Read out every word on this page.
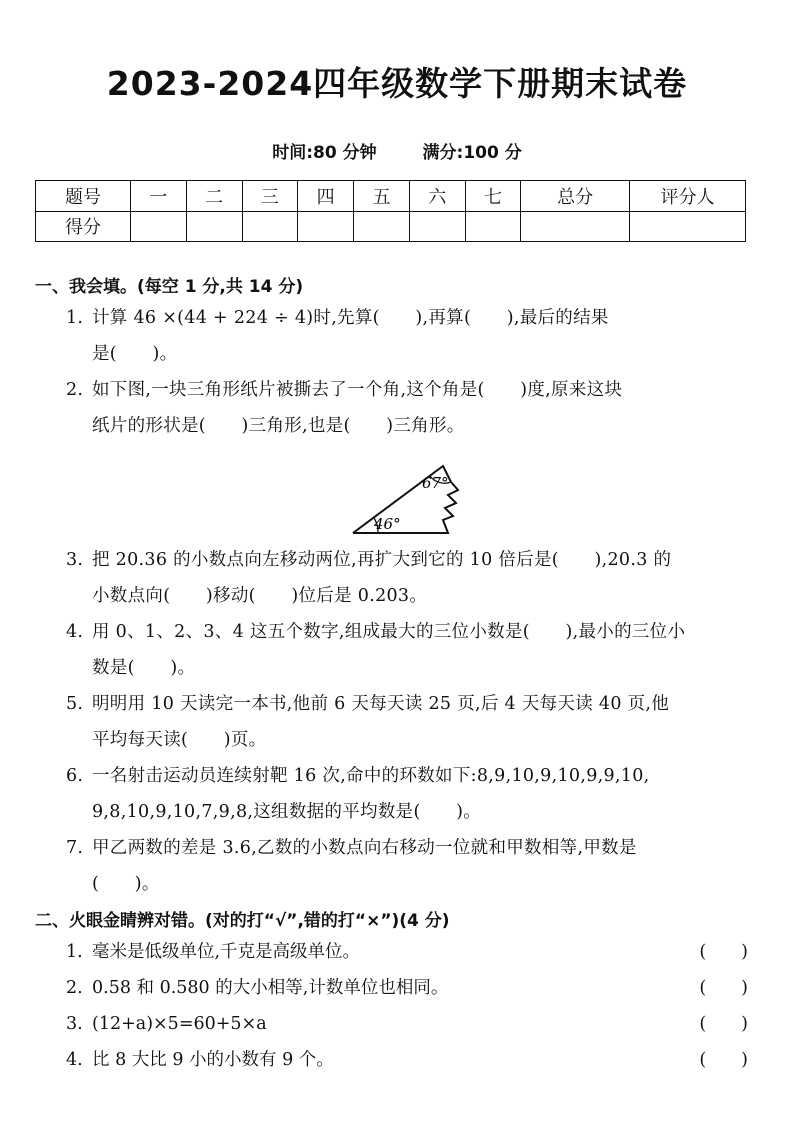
2023-2024四年级数学下册期末试卷
时间:80 分钟	满分:100 分
题号	一	二	三	四	五	六	七	总分	评分人
得分									
一、我会填。(每空 1 分,共 14 分)
1. 计算 46 ×(44 + 224 ÷ 4)时,先算(　　),再算(　　),最后的结果
是(　　)。
2. 如下图,一块三角形纸片被撕去了一个角,这个角是(　　)度,原来这块
纸片的形状是(　　)三角形,也是(　　)三角形。
67°
46°
3. 把 20.36 的小数点向左移动两位,再扩大到它的 10 倍后是(　　),20.3 的
小数点向(　　)移动(　　)位后是 0.203。
4. 用 0、1、2、3、4 这五个数字,组成最大的三位小数是(　　),最小的三位小
数是(　　)。
5. 明明用 10 天读完一本书,他前 6 天每天读 25 页,后 4 天每天读 40 页,他
平均每天读(　　)页。
6. 一名射击运动员连续射靶 16 次,命中的环数如下:8,9,10,9,10,9,9,10,
9,8,10,9,10,7,9,8,这组数据的平均数是(　　)。
7. 甲乙两数的差是 3.6,乙数的小数点向右移动一位就和甲数相等,甲数是
(　　)。
二、火眼金睛辨对错。(对的打“√”,错的打“×”)(4 分)
1. 毫米是低级单位,千克是高级单位。	(　　)
2. 0.58 和 0.580 的大小相等,计数单位也相同。	(　　)
3. (12+a)×5=60+5×a	(　　)
4. 比 8 大比 9 小的小数有 9 个。	(　　)
